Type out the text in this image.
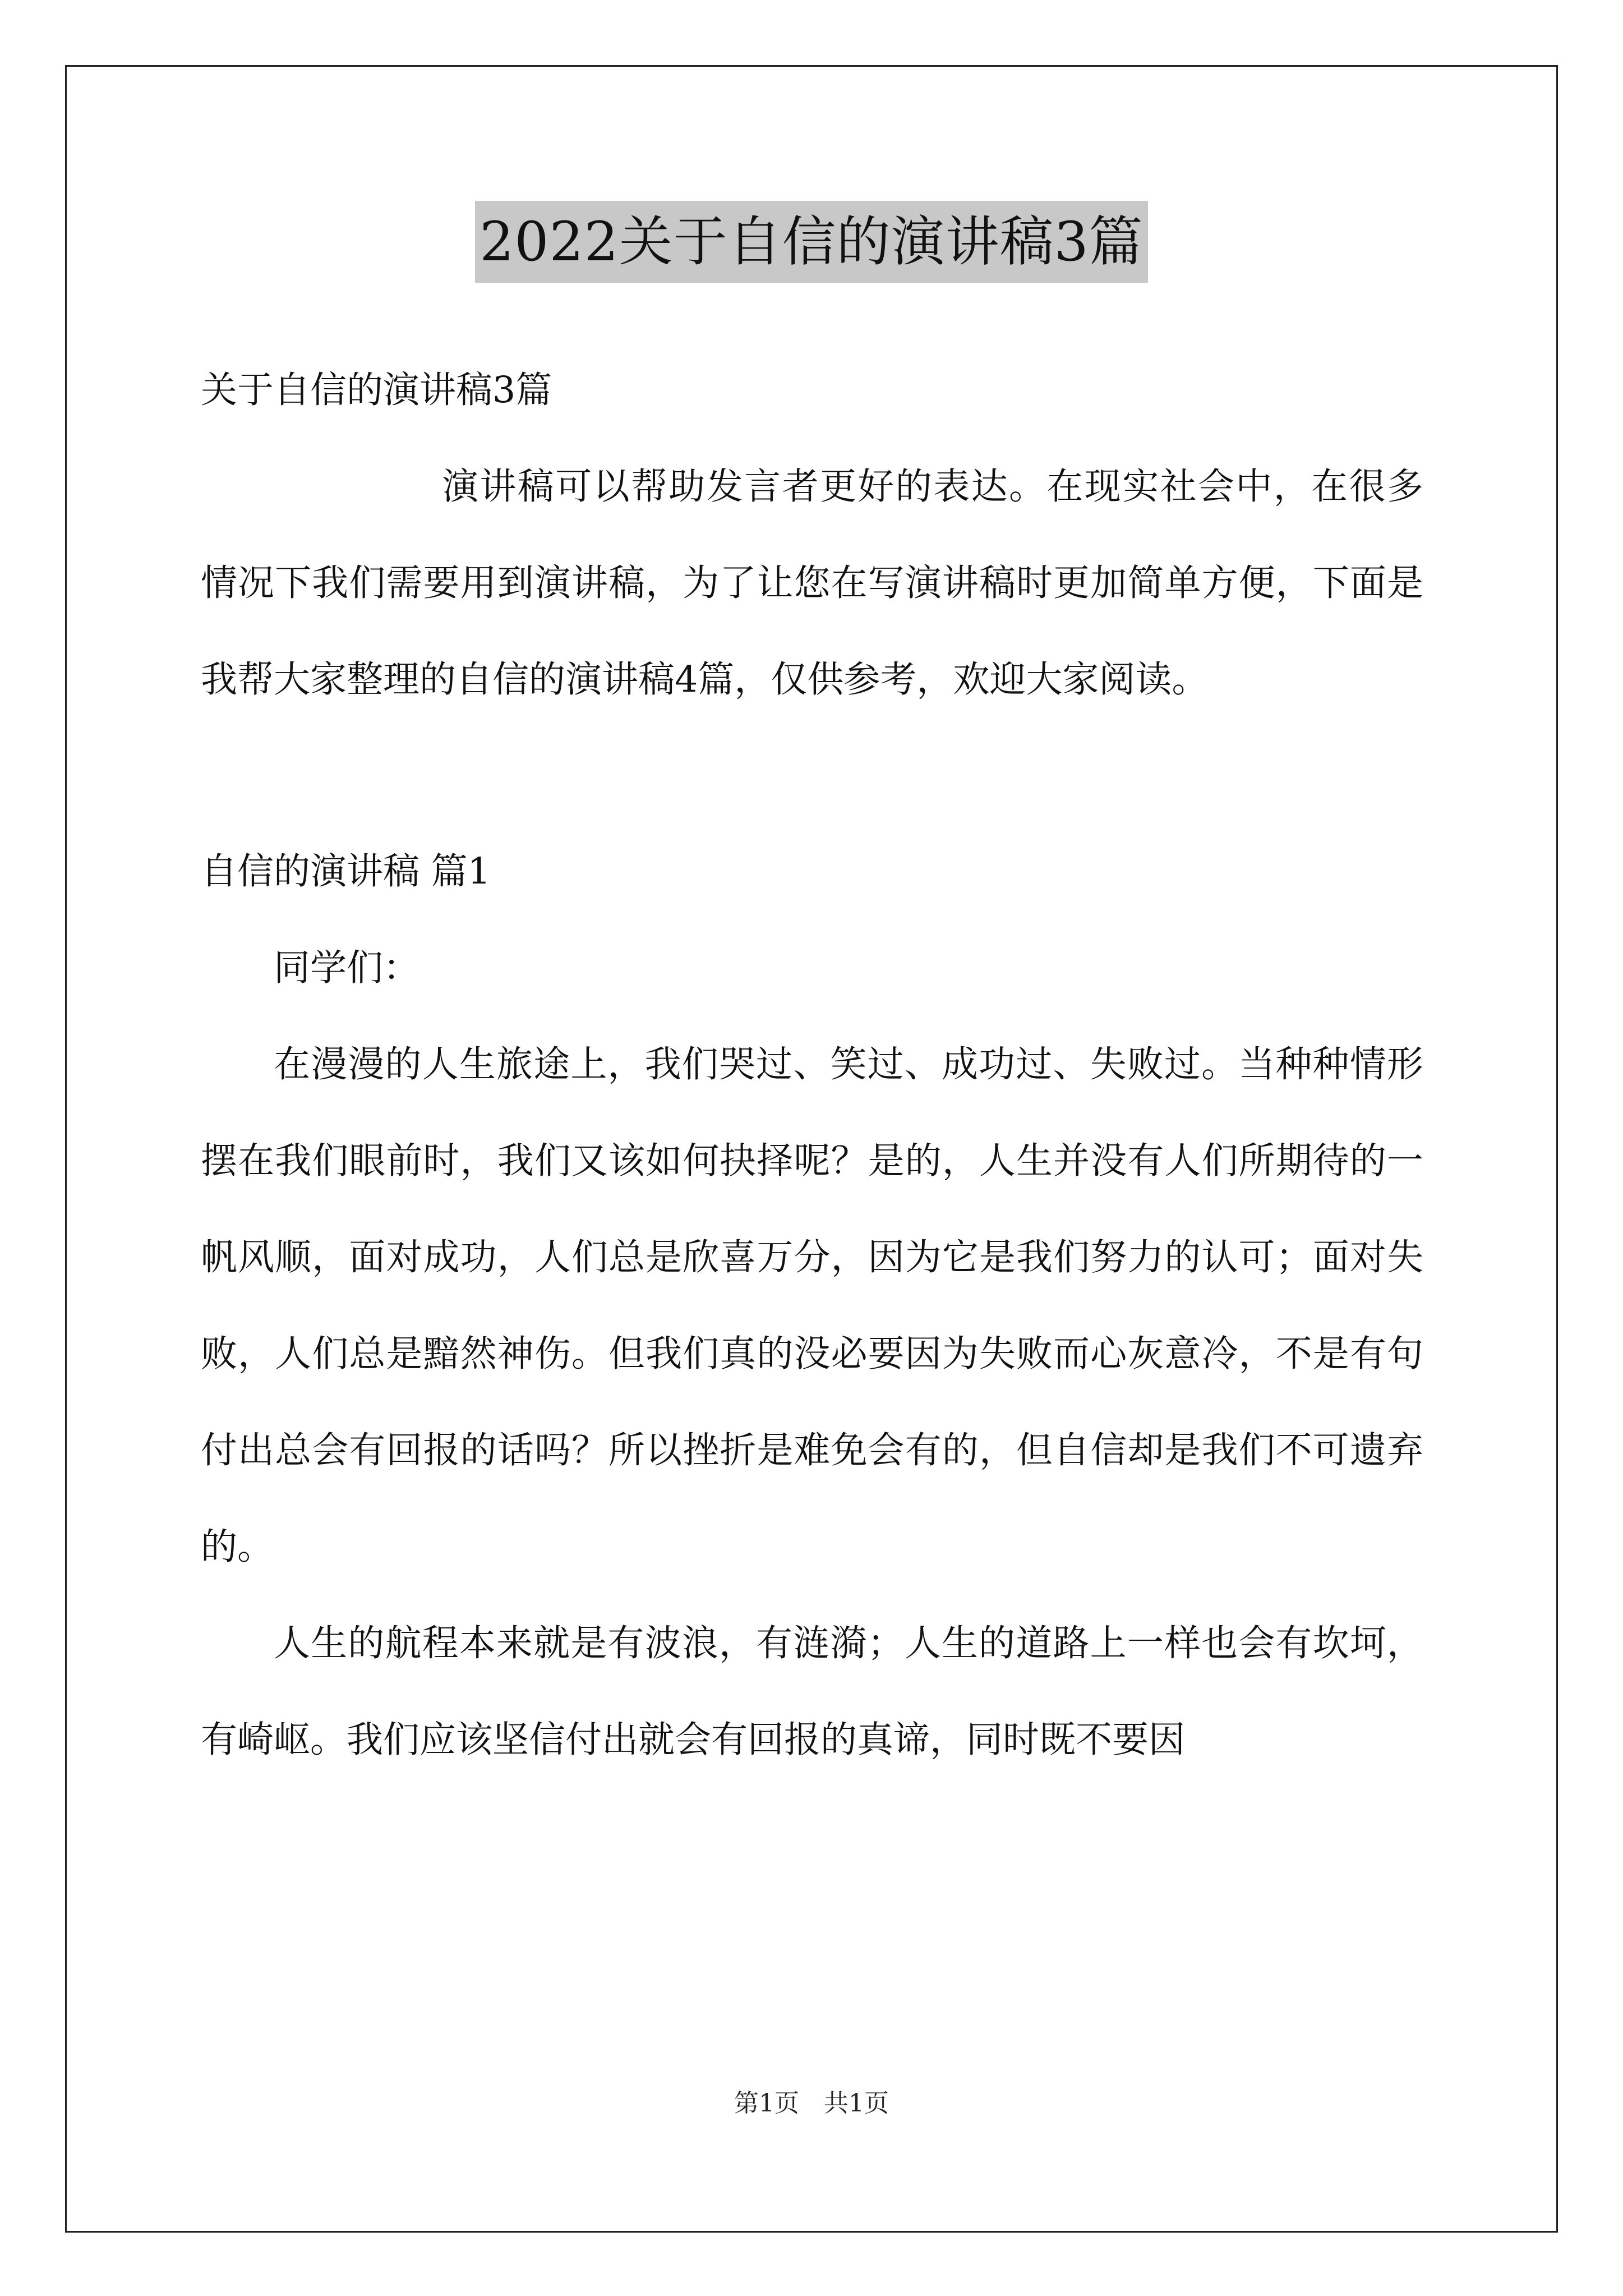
2022关于自信的演讲稿3篇

关于自信的演讲稿3篇

演讲稿可以帮助发言者更好的表达。在现实社会中，在很多情况下我们需要用到演讲稿，为了让您在写演讲稿时更加简单方便，下面是我帮大家整理的自信的演讲稿4篇，仅供参考，欢迎大家阅读。

自信的演讲稿 篇1

同学们：

在漫漫的人生旅途上，我们哭过、笑过、成功过、失败过。当种种情形摆在我们眼前时，我们又该如何抉择呢？是的，人生并没有人们所期待的一帆风顺，面对成功，人们总是欣喜万分，因为它是我们努力的认可；面对失败，人们总是黯然神伤。但我们真的没必要因为失败而心灰意冷，不是有句付出总会有回报的话吗？所以挫折是难免会有的，但自信却是我们不可遗弃的。

人生的航程本来就是有波浪，有涟漪；人生的道路上一样也会有坎坷，有崎岖。我们应该坚信付出就会有回报的真谛，同时既不要因

第1页　共1页
